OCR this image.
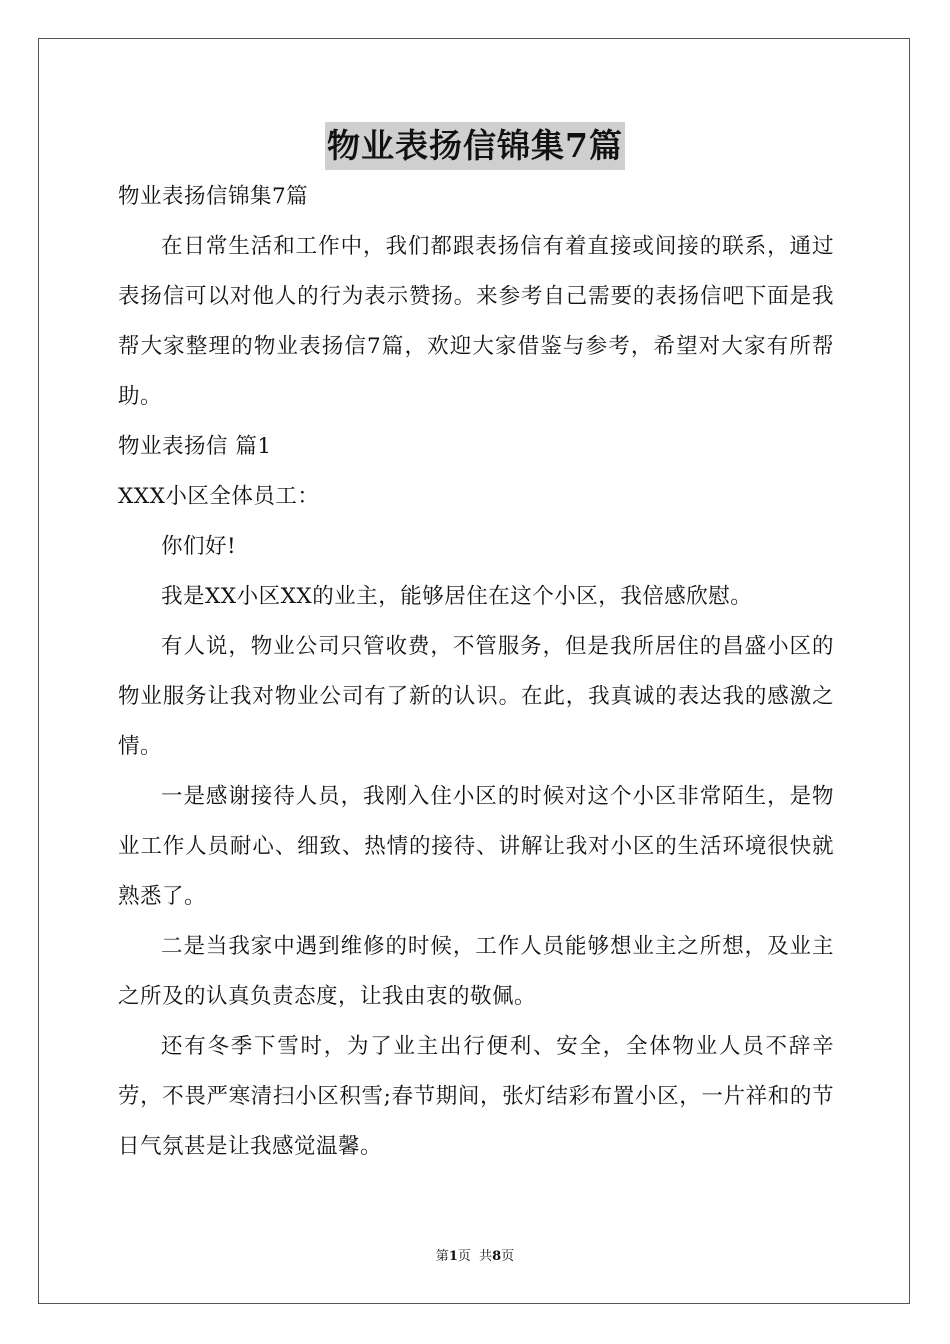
物业表扬信锦集7篇

物业表扬信锦集7篇

在日常生活和工作中，我们都跟表扬信有着直接或间接的联系，通过表扬信可以对他人的行为表示赞扬。来参考自己需要的表扬信吧下面是我帮大家整理的物业表扬信7篇，欢迎大家借鉴与参考，希望对大家有所帮助。

物业表扬信 篇1

XXX小区全体员工：

你们好!

我是XX小区XX的业主，能够居住在这个小区，我倍感欣慰。

有人说，物业公司只管收费，不管服务，但是我所居住的昌盛小区的物业服务让我对物业公司有了新的认识。在此，我真诚的表达我的感激之情。

一是感谢接待人员，我刚入住小区的时候对这个小区非常陌生，是物业工作人员耐心、细致、热情的接待、讲解让我对小区的生活环境很快就熟悉了。

二是当我家中遇到维修的时候，工作人员能够想业主之所想，及业主之所及的认真负责态度，让我由衷的敬佩。

还有冬季下雪时，为了业主出行便利、安全，全体物业人员不辞辛劳，不畏严寒清扫小区积雪;春节期间，张灯结彩布置小区，一片祥和的节日气氛甚是让我感觉温馨。

第1页  共8页
